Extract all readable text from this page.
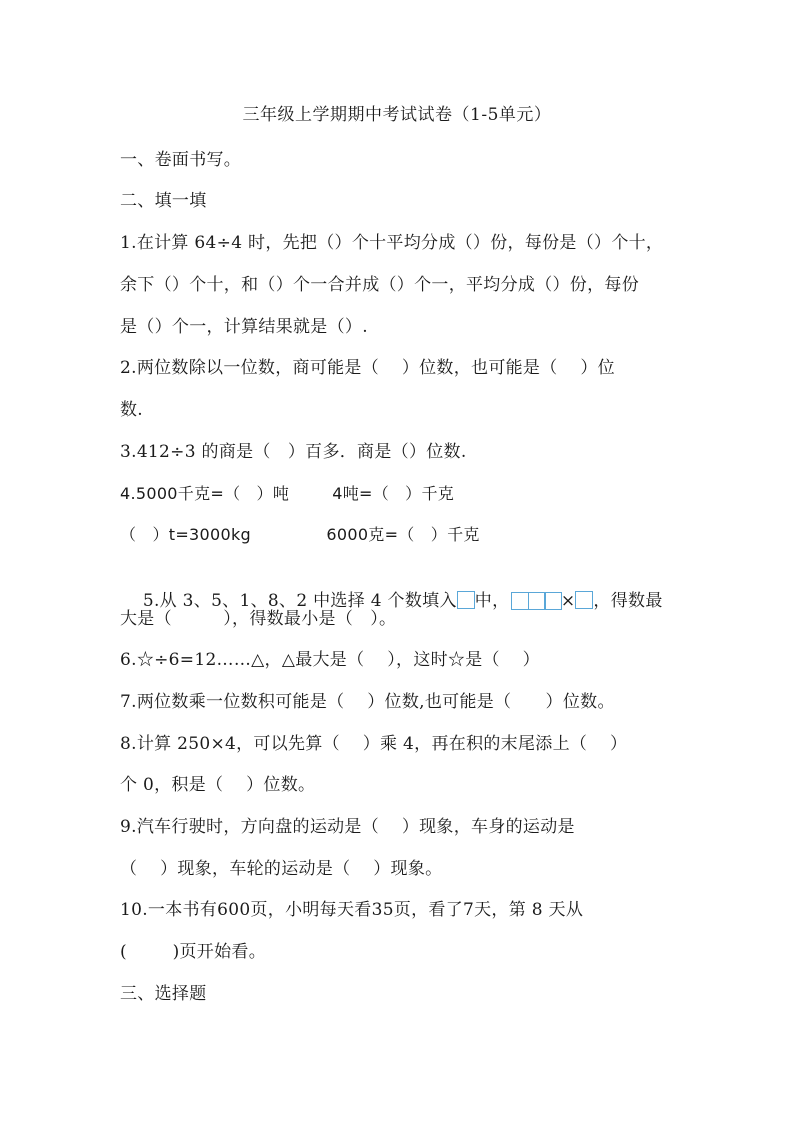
三年级上学期期中考试试卷（1-5单元）
一、卷面书写。
二、填一填
1.在计算 64÷4 时，先把（）个十平均分成（）份，每份是（）个十，
余下（）个十，和（）个一合并成（）个一，平均分成（）份，每份
是（）个一，计算结果就是（）.
2.两位数除以一位数，商可能是（    ）位数，也可能是（    ）位
数.
3.412÷3 的商是（   ）百多．商是（）位数.
4.5000千克=（   ）吨        4吨=（   ）千克
（   ）t=3000kg              6000克=（   ）千克

5.从 3、5、1、8、2 中选择 4 个数填入 中，	× ，得数最

大是（         ），得数最小是（   ）。
6.☆÷6=12……△，△最大是（    ），这时☆是（    ）
7.两位数乘一位数积可能是（    ）位数,也可能是（      ）位数。
8.计算 250×4，可以先算（    ）乘 4，再在积的末尾添上（    ）
个 0，积是（    ）位数。
9.汽车行驶时，方向盘的运动是（    ）现象，车身的运动是
（    ）现象，车轮的运动是（    ）现象。
10.一本书有600页，小明每天看35页，看了7天，第 8 天从
(        )页开始看。
三、选择题
